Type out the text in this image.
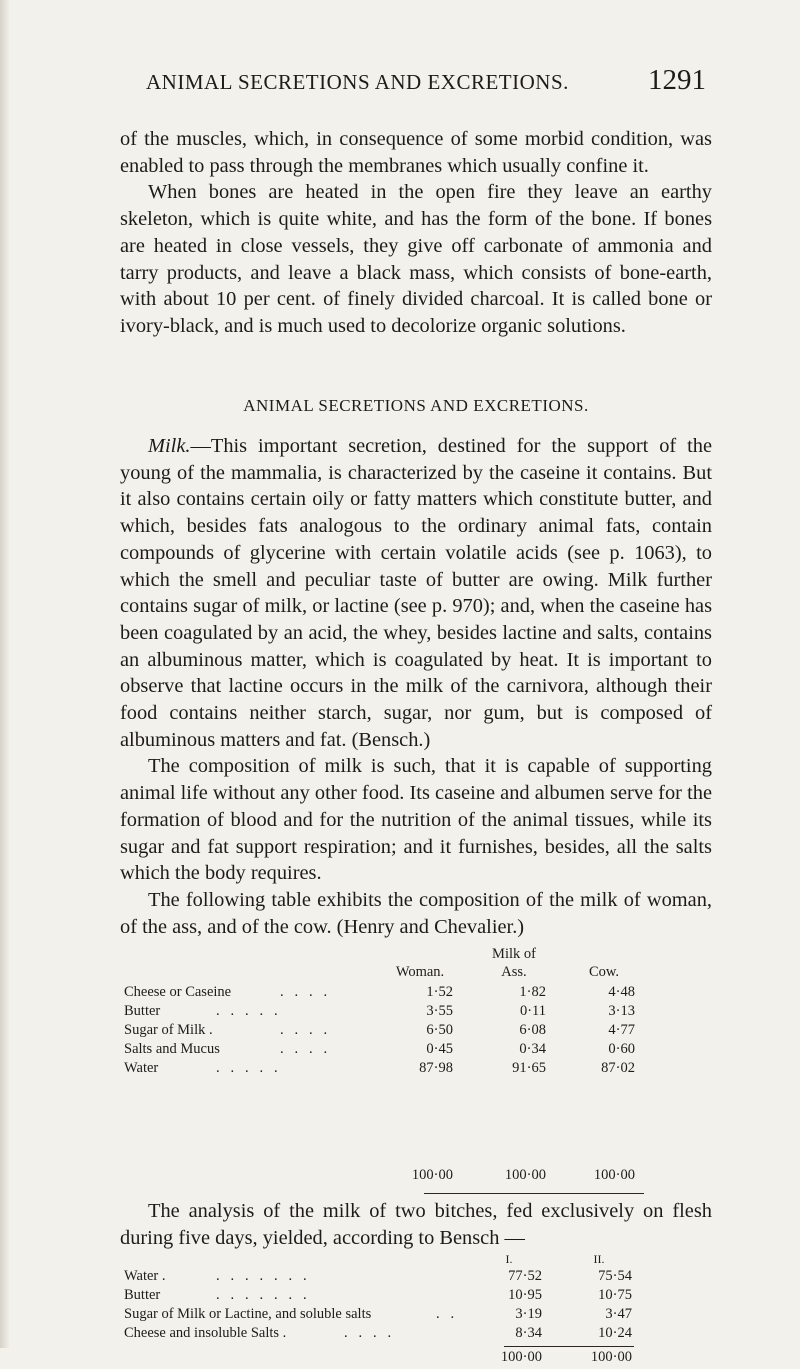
ANIMAL SECRETIONS AND EXCRETIONS.	1291

of the muscles, which, in consequence of some morbid condition, was enabled to pass through the membranes which usually confine it.

When bones are heated in the open fire they leave an earthy skeleton, which is quite white, and has the form of the bone. If bones are heated in close vessels, they give off carbonate of ammonia and tarry products, and leave a black mass, which consists of bone-earth, with about 10 per cent. of finely divided charcoal. It is called bone or ivory-black, and is much used to decolorize organic solutions.

ANIMAL SECRETIONS AND EXCRETIONS.

Milk.—This important secretion, destined for the support of the young of the mammalia, is characterized by the caseine it contains. But it also contains certain oily or fatty matters which constitute butter, and which, besides fats analogous to the ordinary animal fats, contain compounds of glycerine with certain volatile acids (see p. 1063), to which the smell and peculiar taste of butter are owing. Milk further contains sugar of milk, or lactine (see p. 970); and, when the caseine has been coagulated by an acid, the whey, besides lactine and salts, contains an albuminous matter, which is coagulated by heat. It is important to observe that lactine occurs in the milk of the carnivora, although their food contains neither starch, sugar, nor gum, but is composed of albuminous matters and fat. (Bensch.)

The composition of milk is such, that it is capable of supporting animal life without any other food. Its caseine and albumen serve for the formation of blood and for the nutrition of the animal tissues, while its sugar and fat support respiration; and it furnishes, besides, all the salts which the body requires.

The following table exhibits the composition of the milk of woman, of the ass, and of the cow. (Henry and Chevalier.)

Milk of
Woman.	Ass.	Cow.
Cheese or Caseine	.   .   .   .	1·52	1·82	4·48
Butter	.   .   .   .   .	3·55	0·11	3·13
Sugar of Milk .	.   .   .   .	6·50	6·08	4·77
Salts and Mucus	.   .   .   .	0·45	0·34	0·60
Water	.   .   .   .   .	87·98	91·65	87·02
100·00	100·00	100·00

The analysis of the milk of two bitches, fed exclusively on flesh during five days, yielded, according to Bensch —

I.	II.
Water .	.   .   .   .   .   .   .	77·52	75·54
Butter	.   .   .   .   .   .   .	10·95	10·75
Sugar of Milk or Lactine, and soluble salts	.   .	3·19	3·47
Cheese and insoluble Salts .	.   .   .   .	8·34	10·24
100·00	100·00
